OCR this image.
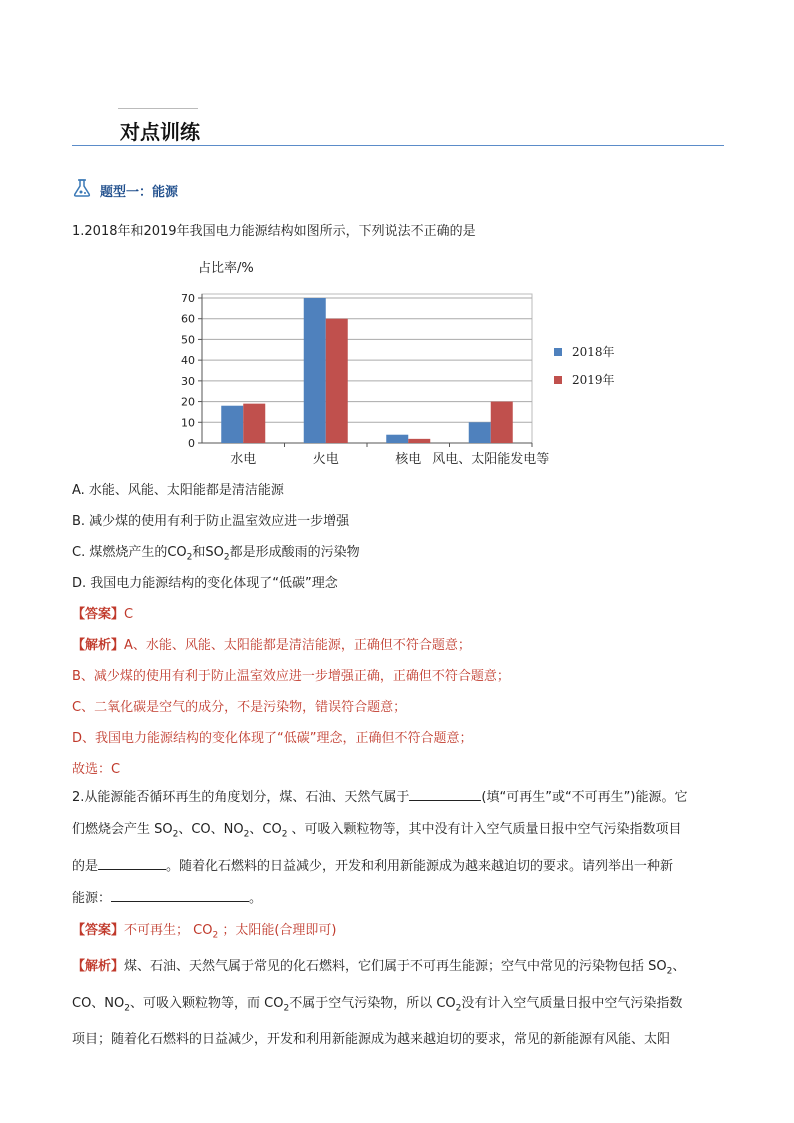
对点训练
题型一：能源
1.2018年和2019年我国电力能源结构如图所示，下列说法不正确的是
占比率/%
0
10
20
30
40
50
60
70
水电	火电	核电 风电、太阳能发电等
2018年
2019年
A. 水能、风能、太阳能都是清洁能源
B. 减少煤的使用有利于防止温室效应进一步增强
C. 煤燃烧产生的$CO_2$和$SO_2$都是形成酸雨的污染物
D. 我国电力能源结构的变化体现了“低碳”理念
【答案】C
【解析】A、水能、风能、太阳能都是清洁能源，正确但不符合题意；
B、减少煤的使用有利于防止温室效应进一步增强正确，正确但不符合题意；
C、二氧化碳是空气的成分，不是污染物，错误符合题意；
D、我国电力能源结构的变化体现了“低碳”理念，正确但不符合题意；
故选：C
2.从能源能否循环再生的角度划分，煤、石油、天然气属于	(填“可再生”或“不可再生”)能源。它
们燃烧会产生 $SO_2$、CO、$NO_2$、$CO_2$ 、可吸入颗粒物等，其中没有计入空气质量日报中空气污染指数项目
的是	。随着化石燃料的日益减少，开发和利用新能源成为越来越迫切的要求。请列举出一种新
能源：	。
【答案】不可再生； $CO_2$ ；太阳能(合理即可)
【解析】煤、石油、天然气属于常见的化石燃料，它们属于不可再生能源；空气中常见的污染物包括 $SO_2$、
CO、$NO_2$、可吸入颗粒物等，而 $CO_2$不属于空气污染物，所以 $CO_2$没有计入空气质量日报中空气污染指数
项目；随着化石燃料的日益减少，开发和利用新能源成为越来越迫切的要求，常见的新能源有风能、太阳
